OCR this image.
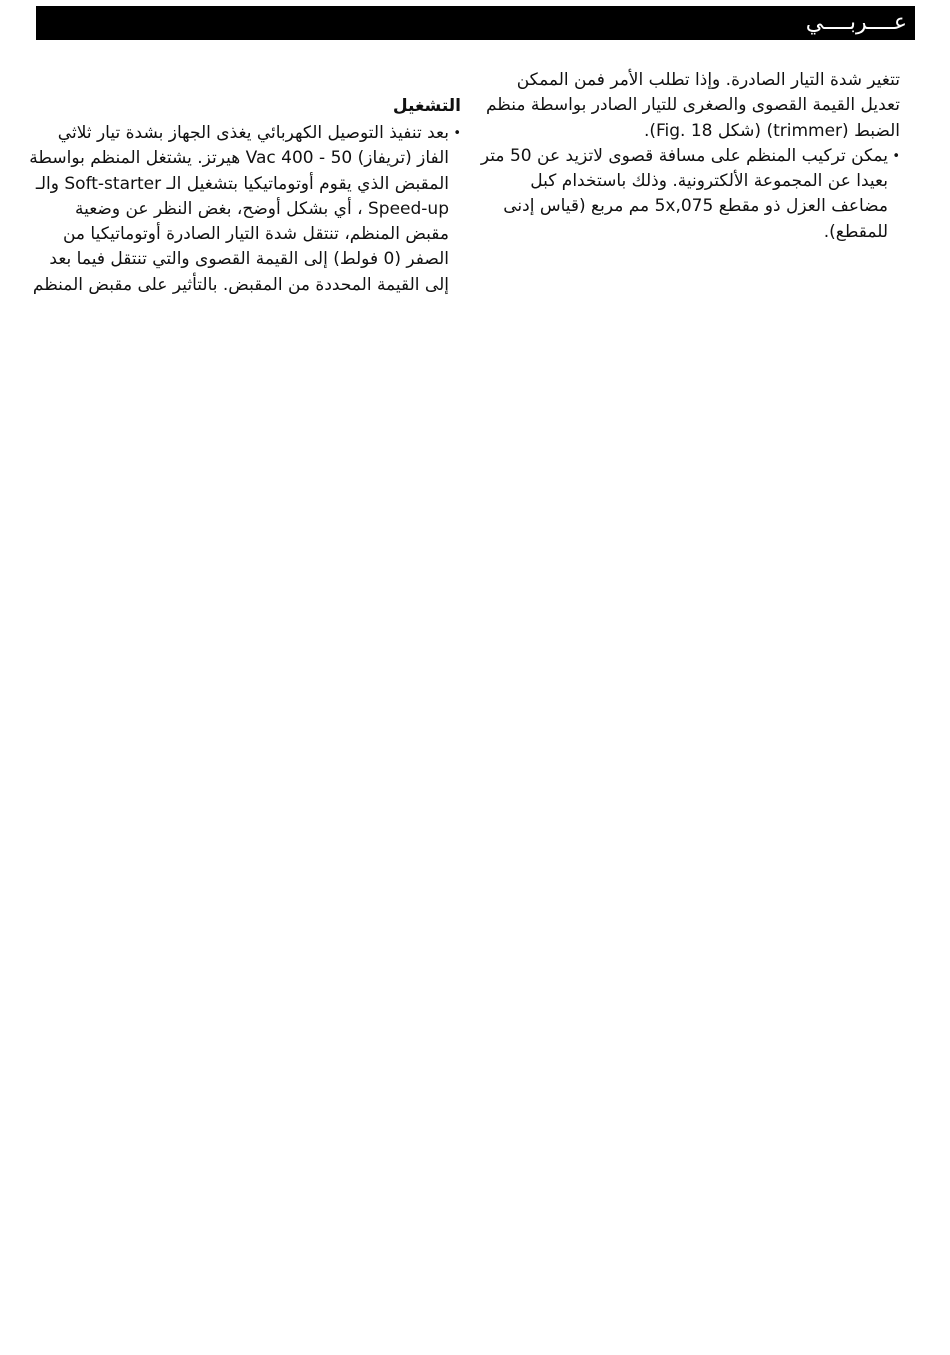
عــــربــــي
التشغيل
•
بعد تنفيذ التوصيل الكهربائي يغذى الجهاز بشدة تيار ثلاثي
الفاز (تريفاز) 50 - 400 Vac هيرتز. يشتغل المنظم بواسطة
المقبض الذي يقوم أوتوماتيكيا بتشغيل الـ Soft-starter والـ
Speed-up ، أي بشكل أوضح، بغض النظر عن وضعية
مقبض المنظم، تنتقل شدة التيار الصادرة أوتوماتيكيا من
الصفر (0 فولط) إلى القيمة القصوى والتي تنتقل فيما بعد
إلى القيمة المحددة من المقبض. بالتأثير على مقبض المنظم
تتغير شدة التيار الصادرة. وإذا تطلب الأمر فمن الممكن
تعديل القيمة القصوى والصغرى للتيار الصادر بواسطة منظم
الضبط (trimmer) (شكل Fig. 18).
•
يمكن تركيب المنظم على مسافة قصوى لاتزيد عن 50 متر
بعيدا عن المجموعة الألكترونية. وذلك باستخدام كبل
مضاعف العزل ذو مقطع 5x,075 مم مربع (قياس إدنى
للمقطع).
